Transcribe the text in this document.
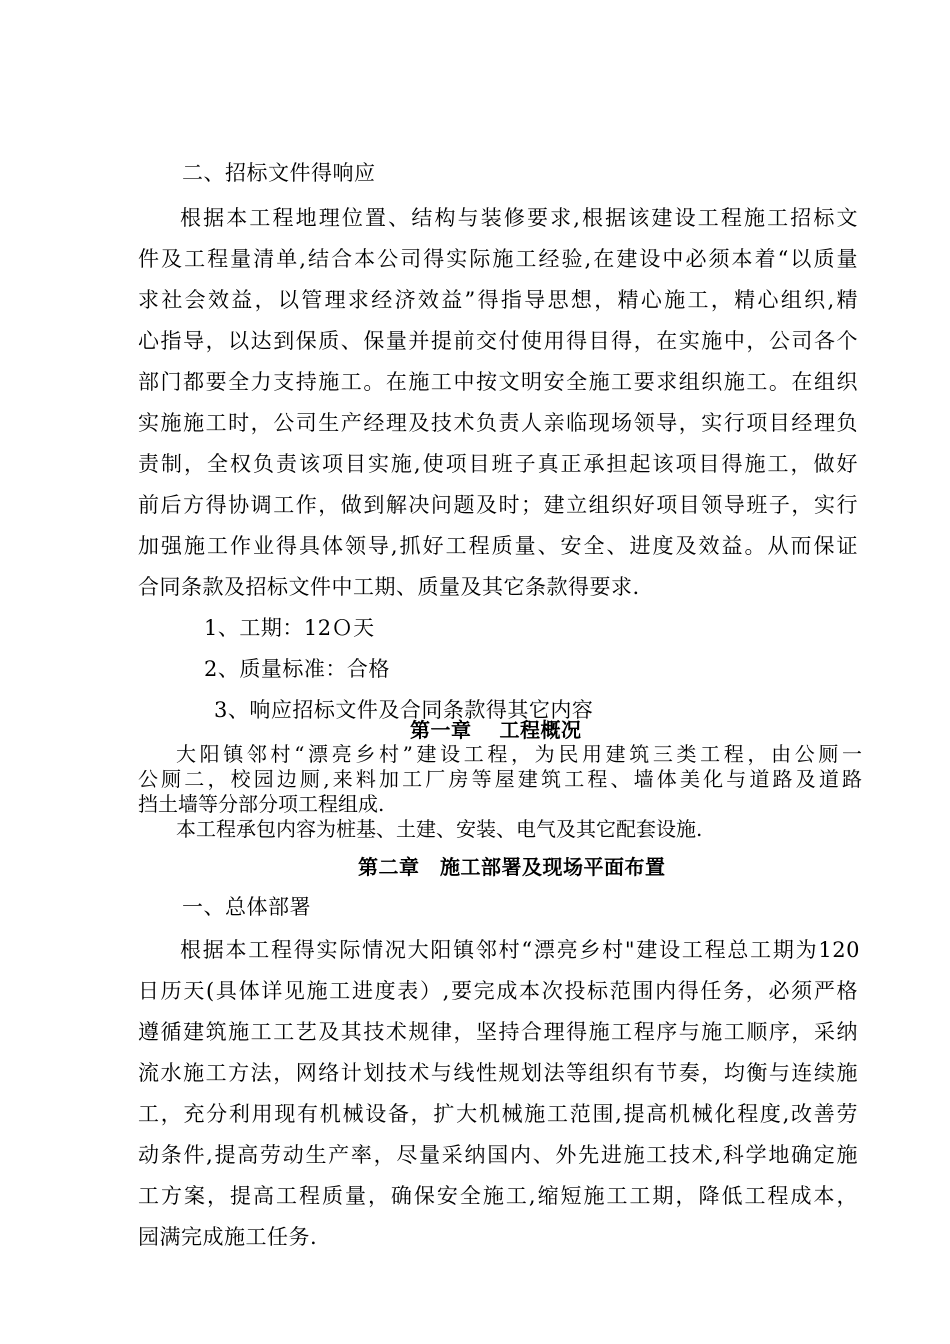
二、招标文件得响应
根据本工程地理位置、结构与装修要求,根据该建设工程施工招标文
件及工程量清单,结合本公司得实际施工经验,在建设中必须本着“以质量
求社会效益，以管理求经济效益”得指导思想，精心施工，精心组织,精
心指导，以达到保质、保量并提前交付使用得目得，在实施中，公司各个
部门都要全力支持施工。在施工中按文明安全施工要求组织施工。在组织
实施施工时，公司生产经理及技术负责人亲临现场领导，实行项目经理负
责制，全权负责该项目实施,使项目班子真正承担起该项目得施工，做好
前后方得协调工作，做到解决问题及时；建立组织好项目领导班子，实行
加强施工作业得具体领导,抓好工程质量、安全、进度及效益。从而保证
合同条款及招标文件中工期、质量及其它条款得要求.
1、工期：12Ｏ天
2、质量标准：合格
3、响应招标文件及合同条款得其它内容
第一章　 工程概况
大阳镇邻村“漂亮乡村”建设工程，为民用建筑三类工程，由公厕一
公厕二，校园边厕,来料加工厂房等屋建筑工程、墙体美化与道路及道路
挡土墙等分部分项工程组成.
本工程承包内容为桩基、土建、安装、电气及其它配套设施.
第二章　施工部署及现场平面布置
一、总体部署
根据本工程得实际情况大阳镇邻村“漂亮乡村"建设工程总工期为120
日历天(具体详见施工进度表）,要完成本次投标范围内得任务，必须严格
遵循建筑施工工艺及其技术规律，坚持合理得施工程序与施工顺序，采纳
流水施工方法，网络计划技术与线性规划法等组织有节奏，均衡与连续施
工，充分利用现有机械设备，扩大机械施工范围,提高机械化程度,改善劳
动条件,提高劳动生产率，尽量采纳国内、外先进施工技术,科学地确定施
工方案，提高工程质量，确保安全施工,缩短施工工期，降低工程成本，
园满完成施工任务.
